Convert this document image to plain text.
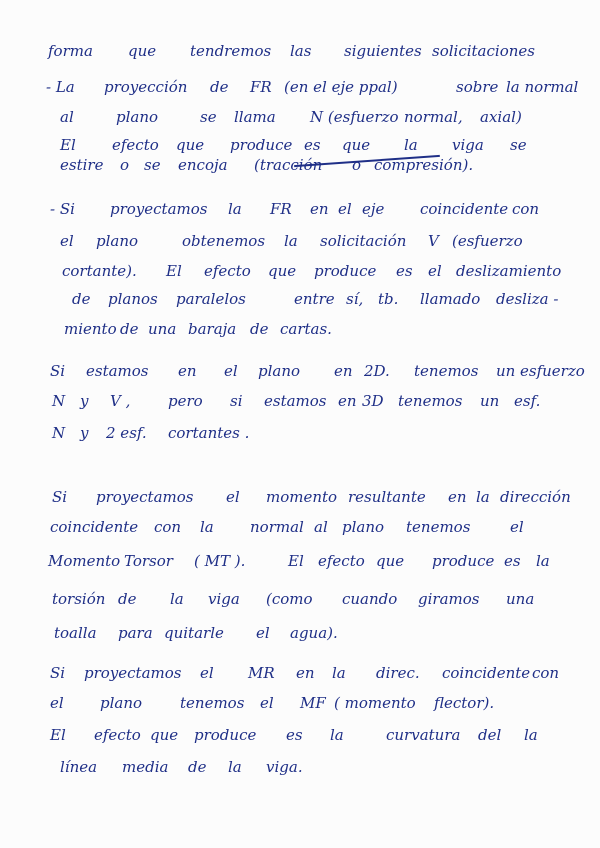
forma que tendremos las siguientes solicitaciones
- La proyección de FR (en el eje ppal)	sobre la normal
al	plano	se llama N (esfuerzo normal, axial)
El efecto que produce es que la viga se
estire o se encoja (tracción o compresión).
- Si proyectamos la FR en el eje coincidente con
el plano	obtenemos la solicitación V (esfuerzo
cortante). El efecto que produce es el deslizamiento
de planos paralelos	entre sí, tb. llamado desliza -
miento de una baraja de cartas.
Si estamos en el plano en 2D. tenemos un esfuerzo
N y V ,	pero si estamos en 3D tenemos un esf.
N y 2 esf. cortantes .
Si proyectamos el momento resultante en la dirección
coincidente con la normal al plano tenemos	el
Momento Torsor ( MT ).	El efecto que produce es la
torsión de la viga (como cuando giramos una
toalla para quitarle el agua).
Si proyectamos el MR en la direc. coincidente con
el plano	tenemos el MF ( momento flector).
El efecto que produce es la	curvatura del la
línea media de la viga.
